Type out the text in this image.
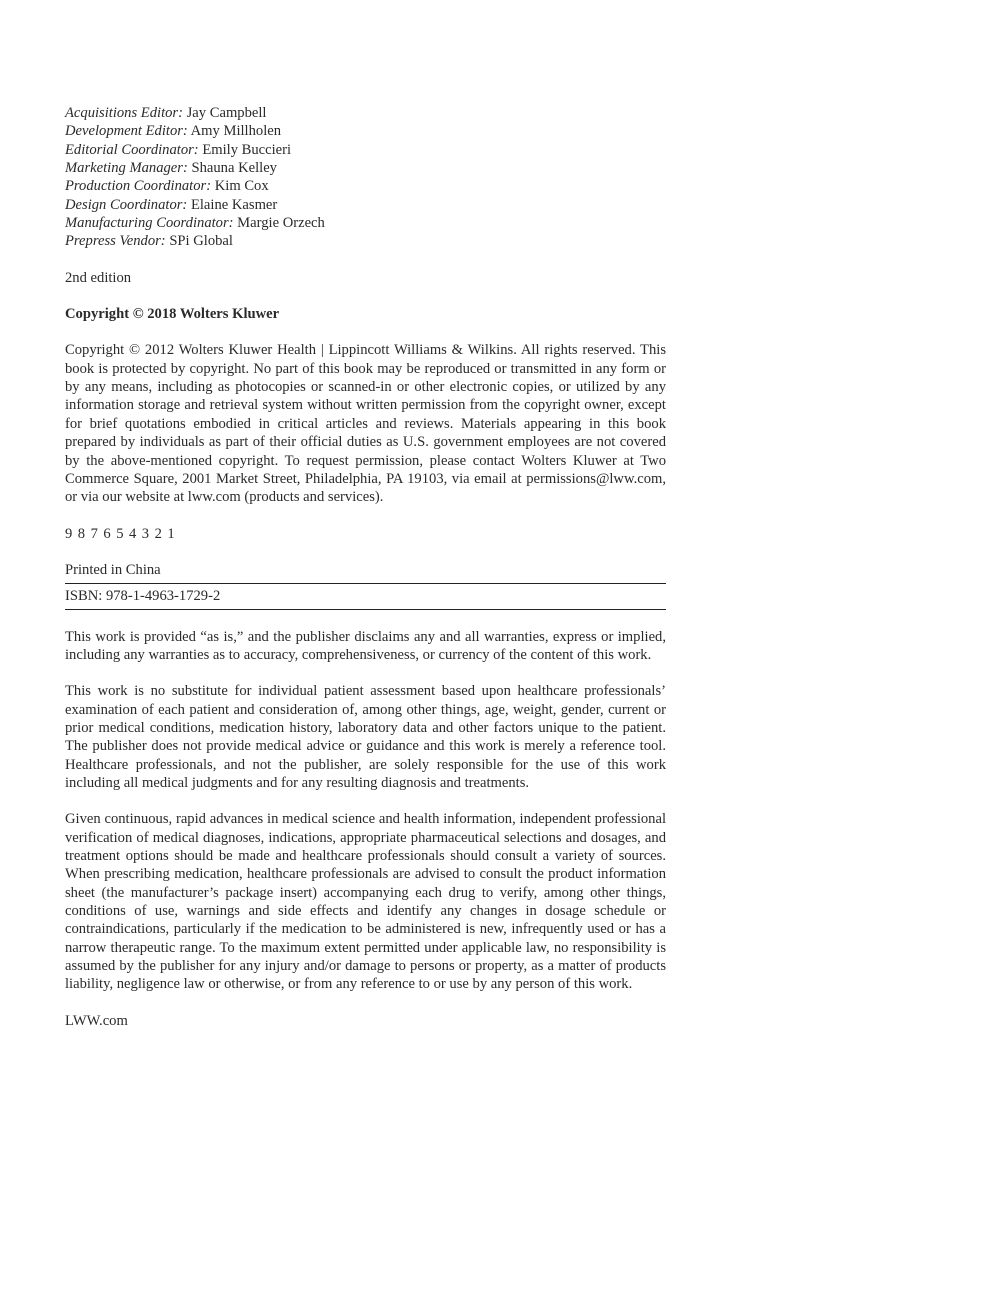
Acquisitions Editor: Jay Campbell

Development Editor: Amy Millholen

Editorial Coordinator: Emily Buccieri

Marketing Manager: Shauna Kelley

Production Coordinator: Kim Cox

Design Coordinator: Elaine Kasmer

Manufacturing Coordinator: Margie Orzech

Prepress Vendor: SPi Global

2nd edition

Copyright © 2018 Wolters Kluwer

Copyright © 2012 Wolters Kluwer Health | Lippincott Williams & Wilkins. All rights reserved. This book is protected by copyright. No part of this book may be reproduced or transmitted in any form or by any means, including as photocopies or scanned-in or other electronic copies, or utilized by any information storage and retrieval system without written permission from the copyright owner, except for brief quotations embodied in critical articles and reviews. Materials appearing in this book prepared by individuals as part of their official duties as U.S. government employees are not covered by the above-mentioned copyright. To request permission, please contact Wolters Kluwer at Two Commerce Square, 2001 Market Street, Philadelphia, PA 19103, via email at permissions@lww.com, or via our website at lww.com (products and services).

9 8 7 6 5 4 3 2 1

Printed in China

ISBN: 978-1-4963-1729-2

This work is provided “as is,” and the publisher disclaims any and all warranties, express or implied, including any warranties as to accuracy, comprehensiveness, or currency of the content of this work.

This work is no substitute for individual patient assessment based upon healthcare professionals’ examination of each patient and consideration of, among other things, age, weight, gender, current or prior medical conditions, medication history, laboratory data and other factors unique to the patient. The publisher does not provide medical advice or guidance and this work is merely a reference tool. Healthcare professionals, and not the publisher, are solely responsible for the use of this work including all medical judgments and for any resulting diagnosis and treatments.

Given continuous, rapid advances in medical science and health information, independent professional verification of medical diagnoses, indications, appropriate pharmaceutical selections and dosages, and treatment options should be made and healthcare professionals should consult a variety of sources. When prescribing medication, healthcare professionals are advised to consult the product information sheet (the manufacturer’s package insert) accompanying each drug to verify, among other things, conditions of use, warnings and side effects and identify any changes in dosage schedule or contraindications, particularly if the medication to be administered is new, infrequently used or has a narrow therapeutic range. To the maximum extent permitted under applicable law, no responsibility is assumed by the publisher for any injury and/or damage to persons or property, as a matter of products liability, negligence law or otherwise, or from any reference to or use by any person of this work.

LWW.com
